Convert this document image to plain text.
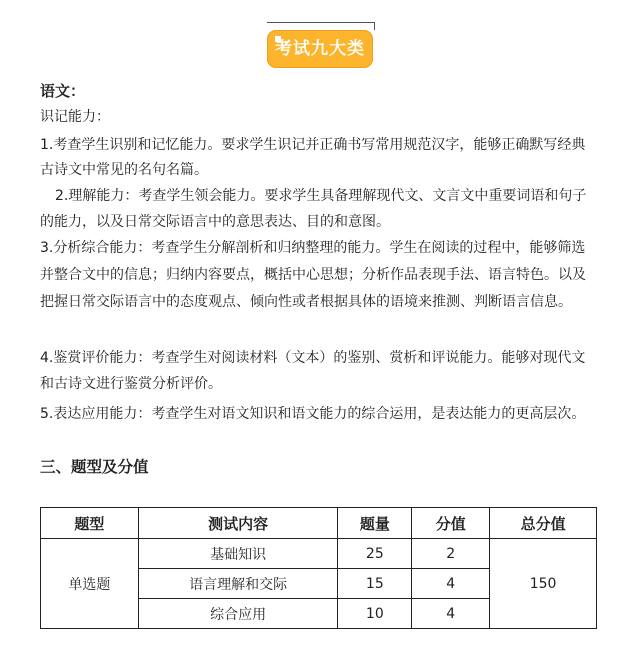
考试九大类
语文：
识记能力：
1.考查学生识别和记忆能力。要求学生识记并正确书写常用规范汉字，能够正确默写经典
古诗文中常见的名句名篇。
2.理解能力：考查学生领会能力。要求学生具备理解现代文、文言文中重要词语和句子
的能力，以及日常交际语言中的意思表达、目的和意图。
3.分析综合能力：考查学生分解剖析和归纳整理的能力。学生在阅读的过程中，能够筛选
并整合文中的信息；归纳内容要点，概括中心思想；分析作品表现手法、语言特色。以及
把握日常交际语言中的态度观点、倾向性或者根据具体的语境来推测、判断语言信息。
4.鉴赏评价能力：考查学生对阅读材料（文本）的鉴别、赏析和评说能力。能够对现代文
和古诗文进行鉴赏分析评价。
5.表达应用能力：考查学生对语文知识和语文能力的综合运用，是表达能力的更高层次。
三、题型及分值
题型	测试内容	题量	分值	总分值
单选题	基础知识	25	2	150
	语言理解和交际	15	4	
	综合应用	10	4	
